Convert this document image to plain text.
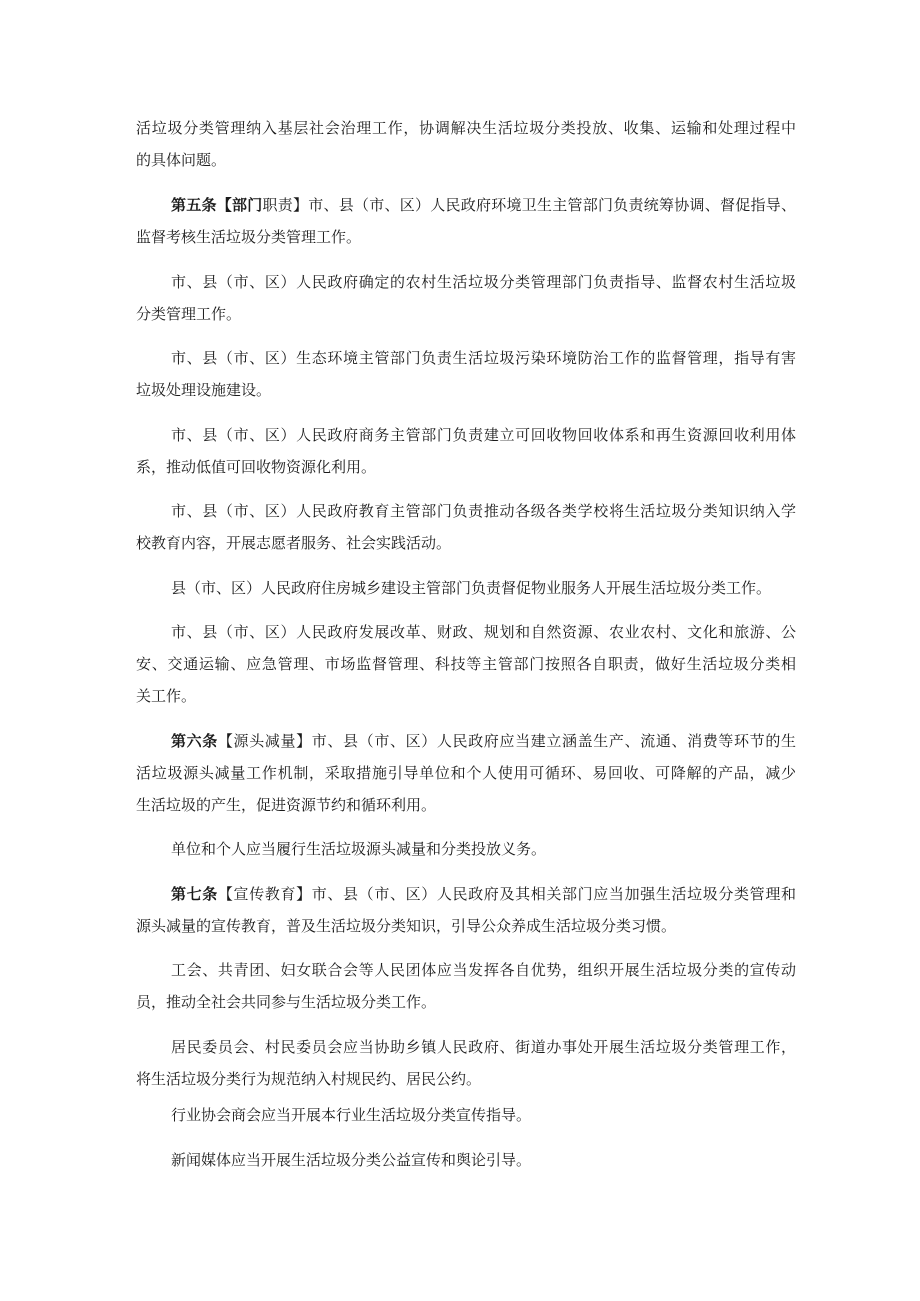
活垃圾分类管理纳入基层社会治理工作，协调解决生活垃圾分类投放、收集、运输和处理过程中
的具体问题。
第五条【部门职责】市、县（市、区）人民政府环境卫生主管部门负责统筹协调、督促指导、
监督考核生活垃圾分类管理工作。
市、县（市、区）人民政府确定的农村生活垃圾分类管理部门负责指导、监督农村生活垃圾
分类管理工作。
市、县（市、区）生态环境主管部门负责生活垃圾污染环境防治工作的监督管理，指导有害
垃圾处理设施建设。
市、县（市、区）人民政府商务主管部门负责建立可回收物回收体系和再生资源回收利用体
系，推动低值可回收物资源化利用。
市、县（市、区）人民政府教育主管部门负责推动各级各类学校将生活垃圾分类知识纳入学
校教育内容，开展志愿者服务、社会实践活动。
县（市、区）人民政府住房城乡建设主管部门负责督促物业服务人开展生活垃圾分类工作。
市、县（市、区）人民政府发展改革、财政、规划和自然资源、农业农村、文化和旅游、公
安、交通运输、应急管理、市场监督管理、科技等主管部门按照各自职责，做好生活垃圾分类相
关工作。
第六条【源头减量】市、县（市、区）人民政府应当建立涵盖生产、流通、消费等环节的生
活垃圾源头减量工作机制，采取措施引导单位和个人使用可循环、易回收、可降解的产品，减少
生活垃圾的产生，促进资源节约和循环利用。
单位和个人应当履行生活垃圾源头减量和分类投放义务。
第七条【宣传教育】市、县（市、区）人民政府及其相关部门应当加强生活垃圾分类管理和
源头减量的宣传教育，普及生活垃圾分类知识，引导公众养成生活垃圾分类习惯。
工会、共青团、妇女联合会等人民团体应当发挥各自优势，组织开展生活垃圾分类的宣传动
员，推动全社会共同参与生活垃圾分类工作。
居民委员会、村民委员会应当协助乡镇人民政府、街道办事处开展生活垃圾分类管理工作，
将生活垃圾分类行为规范纳入村规民约、居民公约。
行业协会商会应当开展本行业生活垃圾分类宣传指导。
新闻媒体应当开展生活垃圾分类公益宣传和舆论引导。
